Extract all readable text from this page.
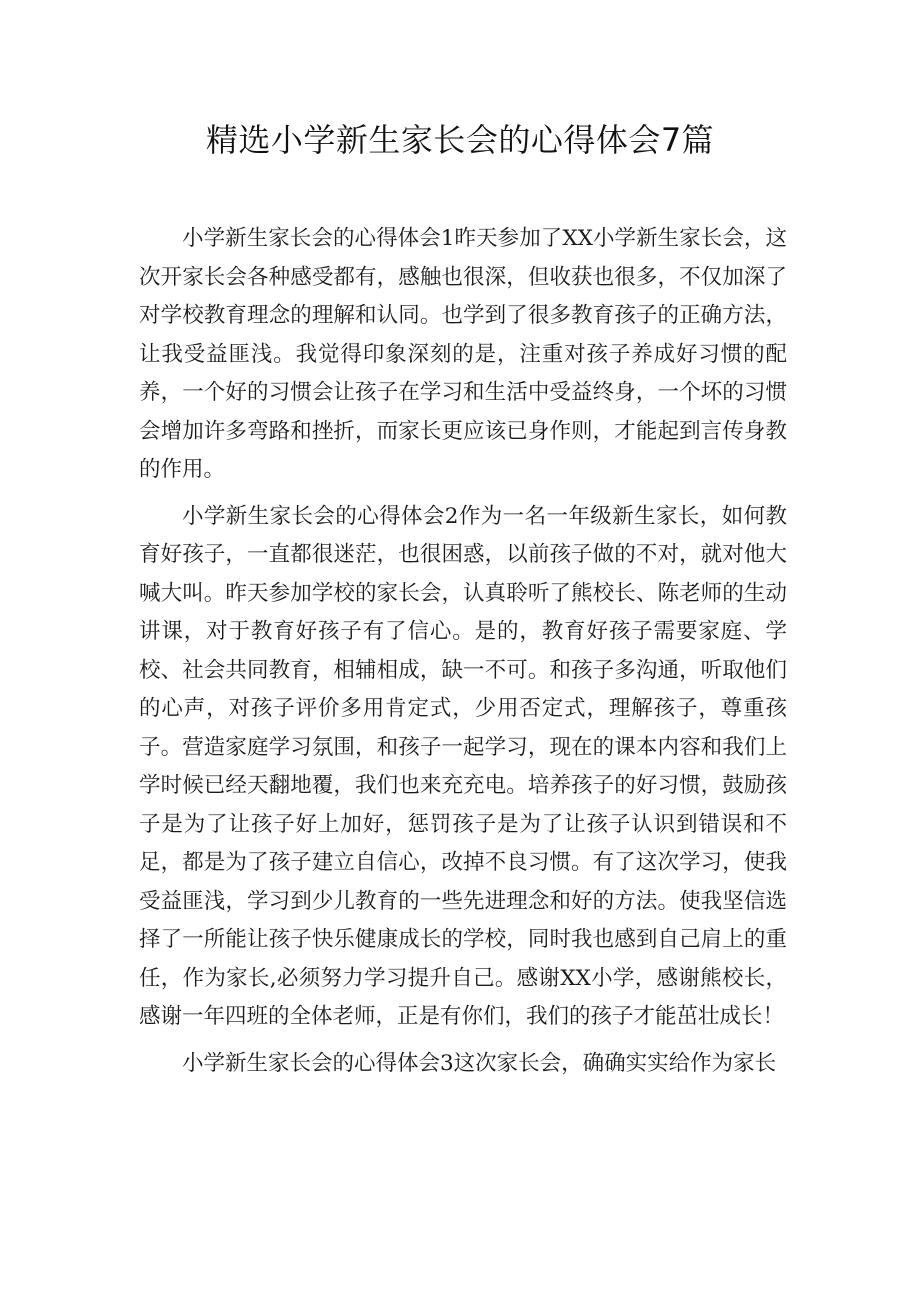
精选小学新生家长会的心得体会7篇

小学新生家长会的心得体会1昨天参加了XX小学新生家长会，这次开家长会各种感受都有，感触也很深，但收获也很多，不仅加深了对学校教育理念的理解和认同。也学到了很多教育孩子的正确方法，让我受益匪浅。我觉得印象深刻的是，注重对孩子养成好习惯的配养，一个好的习惯会让孩子在学习和生活中受益终身，一个坏的习惯会增加许多弯路和挫折，而家长更应该已身作则，才能起到言传身教的作用。

小学新生家长会的心得体会2作为一名一年级新生家长，如何教育好孩子，一直都很迷茫，也很困惑，以前孩子做的不对，就对他大喊大叫。昨天参加学校的家长会，认真聆听了熊校长、陈老师的生动讲课，对于教育好孩子有了信心。是的，教育好孩子需要家庭、学校、社会共同教育，相辅相成，缺一不可。和孩子多沟通，听取他们的心声，对孩子评价多用肯定式，少用否定式，理解孩子，尊重孩子。营造家庭学习氛围，和孩子一起学习，现在的课本内容和我们上学时候已经天翻地覆，我们也来充充电。培养孩子的好习惯，鼓励孩子是为了让孩子好上加好，惩罚孩子是为了让孩子认识到错误和不足，都是为了孩子建立自信心，改掉不良习惯。有了这次学习，使我受益匪浅，学习到少儿教育的一些先进理念和好的方法。使我坚信选择了一所能让孩子快乐健康成长的学校，同时我也感到自己肩上的重任，作为家长,必须努力学习提升自己。感谢XX小学，感谢熊校长，感谢一年四班的全体老师，正是有你们，我们的孩子才能茁壮成长！

小学新生家长会的心得体会3这次家长会，确确实实给作为家长
